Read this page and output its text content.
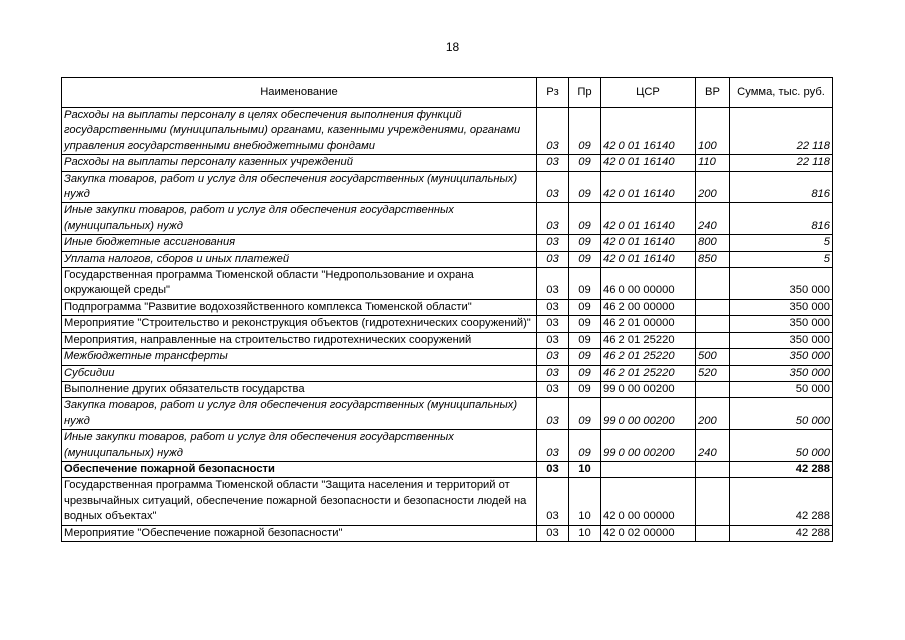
18
Наименование	Рз	Пр	ЦСР	ВР	Сумма, тыс. руб.
Расходы на выплаты персоналу в целях обеспечения выполнения функций государственными (муниципальными) органами, казенными учреждениями, органами управления государственными внебюджетными фондами	03	09	42 0 01 16140	100	22 118
Расходы на выплаты персоналу казенных учреждений	03	09	42 0 01 16140	110	22 118
Закупка товаров, работ и услуг для обеспечения государственных (муниципальных) нужд	03	09	42 0 01 16140	200	816
Иные закупки товаров, работ и услуг для обеспечения государственных (муниципальных) нужд	03	09	42 0 01 16140	240	816
Иные бюджетные ассигнования	03	09	42 0 01 16140	800	5
Уплата налогов, сборов и иных платежей	03	09	42 0 01 16140	850	5
Государственная программа Тюменской области "Недропользование и охрана окружающей среды"	03	09	46 0 00 00000		350 000
Подпрограмма "Развитие водохозяйственного комплекса Тюменской области"	03	09	46 2 00 00000		350 000
Мероприятие "Строительство и реконструкция объектов (гидротехнических сооружений)"	03	09	46 2 01 00000		350 000
Мероприятия, направленные на строительство гидротехнических сооружений	03	09	46 2 01 25220		350 000
Межбюджетные трансферты	03	09	46 2 01 25220	500	350 000
Субсидии	03	09	46 2 01 25220	520	350 000
Выполнение других обязательств государства	03	09	99 0 00 00200		50 000
Закупка товаров, работ и услуг для обеспечения государственных (муниципальных) нужд	03	09	99 0 00 00200	200	50 000
Иные закупки товаров, работ и услуг для обеспечения государственных (муниципальных) нужд	03	09	99 0 00 00200	240	50 000
Обеспечение пожарной безопасности	03	10			42 288
Государственная программа Тюменской области "Защита населения и территорий от чрезвычайных ситуаций, обеспечение пожарной безопасности и безопасности людей на водных объектах"	03	10	42 0 00 00000		42 288
Мероприятие "Обеспечение пожарной безопасности"	03	10	42 0 02 00000		42 288
